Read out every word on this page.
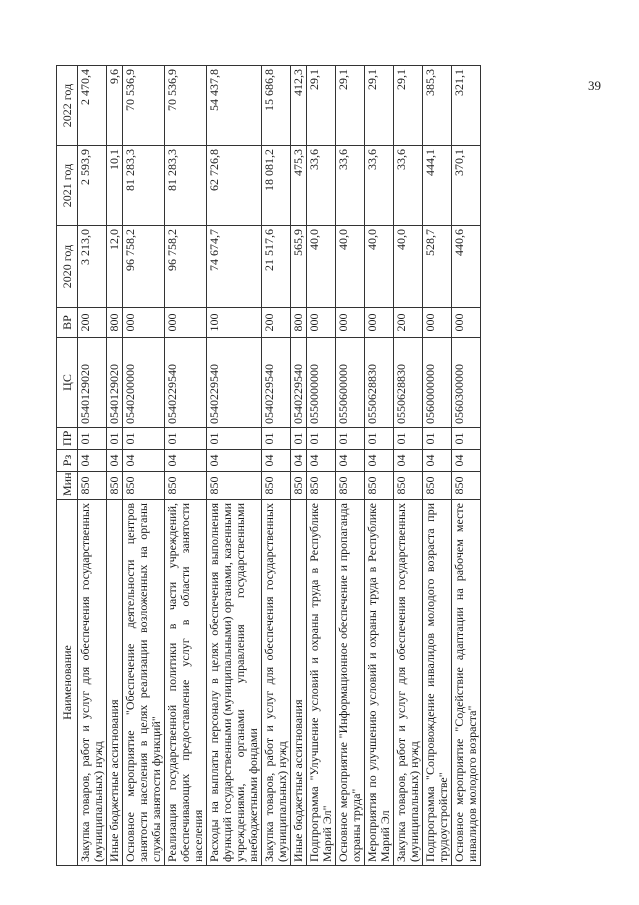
39
Наименование	Мин	Рз	ПР	ЦС	ВР	2020 год	2021 год	2022 год
Закупка товаров, работ и услуг для обеспечения государственных (муниципальных) нужд	850	04	01	0540129020	200	3 213,0	2 593,9	2 470,4
Иные бюджетные ассигнования	850	04	01	0540129020	800	12,0	10,1	9,6
Основное мероприятие "Обеспечение деятельности центров занятости населения в целях реализации возложенных на органы службы занятости функций"	850	04	01	0540200000	000	96 758,2	81 283,3	70 536,9
Реализация государственной политики в части учреждений, обеспечивающих предоставление услуг в области занятости населения	850	04	01	0540229540	000	96 758,2	81 283,3	70 536,9
Расходы на выплаты персоналу в целях обеспечения выполнения функций государственными (муниципальными) органами, казенными учреждениями, органами управления государственными внебюджетными фондами	850	04	01	0540229540	100	74 674,7	62 726,8	54 437,8
Закупка товаров, работ и услуг для обеспечения государственных (муниципальных) нужд	850	04	01	0540229540	200	21 517,6	18 081,2	15 686,8
Иные бюджетные ассигнования	850	04	01	0540229540	800	565,9	475,3	412,3
Подпрограмма "Улучшение условий и охраны труда в Республике Марий Эл"	850	04	01	0550000000	000	40,0	33,6	29,1
Основное мероприятие "Информационное обеспечение и пропаганда охраны труда"	850	04	01	0550600000	000	40,0	33,6	29,1
Мероприятия по улучшению условий и охраны труда в Республике Марий Эл	850	04	01	0550628830	000	40,0	33,6	29,1
Закупка товаров, работ и услуг для обеспечения государственных (муниципальных) нужд	850	04	01	0550628830	200	40,0	33,6	29,1
Подпрограмма "Сопровождение инвалидов молодого возраста при трудоустройстве"	850	04	01	0560000000	000	528,7	444,1	385,3
Основное мероприятие "Содействие адаптации на рабочем месте инвалидов молодого возраста"	850	04	01	0560300000	000	440,6	370,1	321,1
